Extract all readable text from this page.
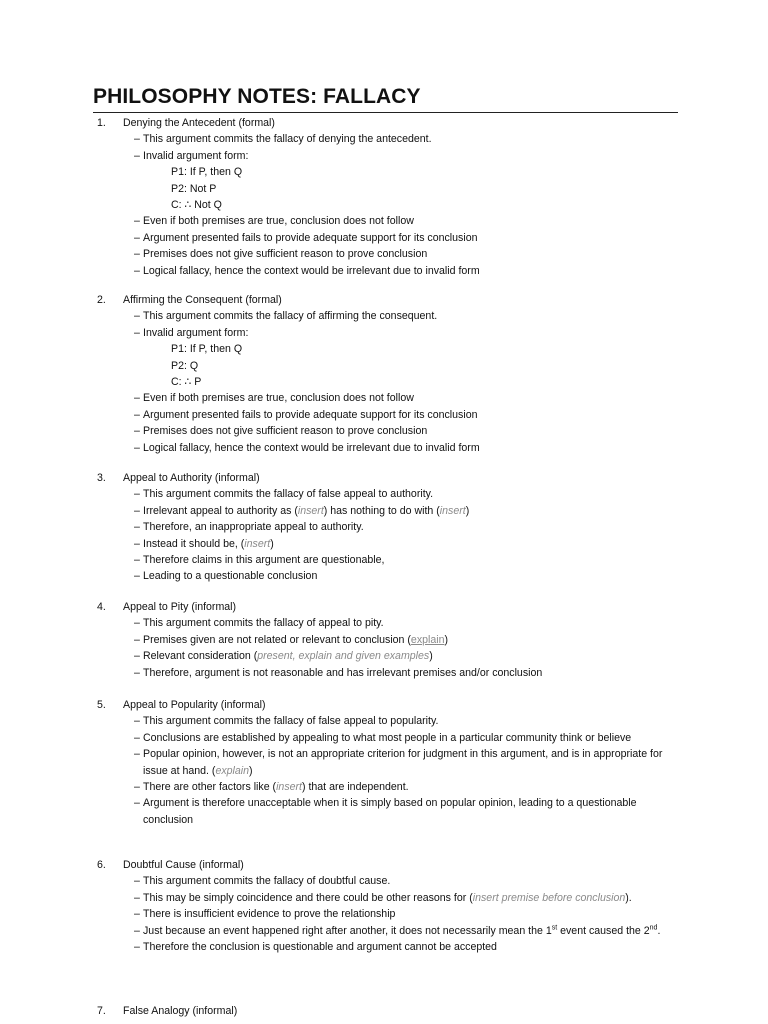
PHILOSOPHY NOTES: FALLACY
1.	Denying the Antecedent (formal)
– This argument commits the fallacy of denying the antecedent.
– Invalid argument form:
P1: If P, then Q
P2: Not P
C: ∴ Not Q
– Even if both premises are true, conclusion does not follow
– Argument presented fails to provide adequate support for its conclusion
– Premises does not give sufficient reason to prove conclusion
– Logical fallacy, hence the context would be irrelevant due to invalid form
2.	Affirming the Consequent (formal)
– This argument commits the fallacy of affirming the consequent.
– Invalid argument form:
P1: If P, then Q
P2: Q
C: ∴ P
– Even if both premises are true, conclusion does not follow
– Argument presented fails to provide adequate support for its conclusion
– Premises does not give sufficient reason to prove conclusion
– Logical fallacy, hence the context would be irrelevant due to invalid form
3.	Appeal to Authority (informal)
– This argument commits the fallacy of false appeal to authority.
– Irrelevant appeal to authority as (insert) has nothing to do with (insert)
– Therefore, an inappropriate appeal to authority.
– Instead it should be, (insert)
– Therefore claims in this argument are questionable,
– Leading to a questionable conclusion
4.	Appeal to Pity (informal)
– This argument commits the fallacy of appeal to pity.
– Premises given are not related or relevant to conclusion (explain)
– Relevant consideration (present, explain and given examples)
– Therefore, argument is not reasonable and has irrelevant premises and/or conclusion
5.	Appeal to Popularity (informal)
– This argument commits the fallacy of false appeal to popularity.
– Conclusions are established by appealing to what most people in a particular community think or believe
– Popular opinion, however, is not an appropriate criterion for judgment in this argument, and is in appropriate for issue at hand. (explain)
– There are other factors like (insert) that are independent.
– Argument is therefore unacceptable when it is simply based on popular opinion, leading to a questionable conclusion
6.	Doubtful Cause (informal)
– This argument commits the fallacy of doubtful cause.
– This may be simply coincidence and there could be other reasons for (insert premise before conclusion).
– There is insufficient evidence to prove the relationship
– Just because an event happened right after another, it does not necessarily mean the 1st event caused the 2nd.
– Therefore the conclusion is questionable and argument cannot be accepted
7.	False Analogy (informal)
